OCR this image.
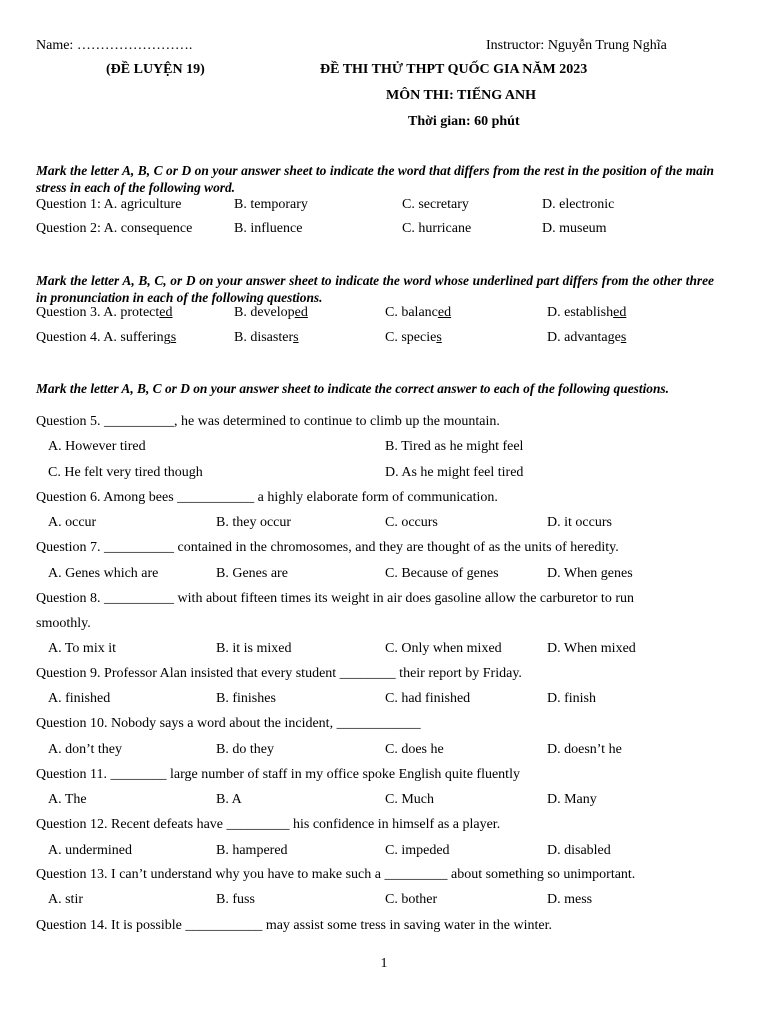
Name: …………………….	Instructor: Nguyễn Trung Nghĩa
(ĐỀ LUYỆN 19)	ĐỀ THI THỬ THPT QUỐC GIA NĂM 2023
MÔN THI: TIẾNG ANH
Thời gian: 60 phút
Mark the letter A, B, C or D on your answer sheet to indicate the word that differs from the rest in the position of the main stress in each of the following word.
Question 1: A. agriculture	B. temporary	C. secretary	D. electronic
Question 2: A. consequence	B. influence	C. hurricane	D. museum
Mark the letter A, B, C, or D on your answer sheet to indicate the word whose underlined part differs from the other three in pronunciation in each of the following questions.
Question 3. A. protected	B. developed	C. balanced	D. established
Question 4. A. sufferings	B. disasters	C. species	D. advantages
Mark the letter A, B, C or D on your answer sheet to indicate the correct answer to each of the following questions.
Question 5. __________, he was determined to continue to climb up the mountain.
A. However tired	B. Tired as he might feel
C. He felt very tired though	D. As he might feel tired
Question 6. Among bees ___________ a highly elaborate form of communication.
A. occur	B. they occur	C. occurs	D. it occurs
Question 7. __________ contained in the chromosomes, and they are thought of as the units of heredity.
A. Genes which are	B. Genes are	C. Because of genes	D. When genes
Question 8. __________ with about fifteen times its weight in air does gasoline allow the carburetor to run
smoothly.
A. To mix it	B. it is mixed	C. Only when mixed	D. When mixed
Question 9. Professor Alan insisted that every student ________ their report by Friday.
A. finished	B. finishes	C. had finished	D. finish
Question 10. Nobody says a word about the incident, ____________
A. don’t they	B. do they	C. does he	D. doesn’t he
Question 11. ________ large number of staff in my office spoke English quite fluently
A. The	B. A	C. Much	D. Many
Question 12. Recent defeats have _________ his confidence in himself as a player.
A. undermined	B. hampered	C. impeded	D. disabled
Question 13. I can’t understand why you have to make such a _________ about something so unimportant.
A. stir	B. fuss	C. bother	D. mess
Question 14. It is possible ___________ may assist some tress in saving water in the winter.
1
